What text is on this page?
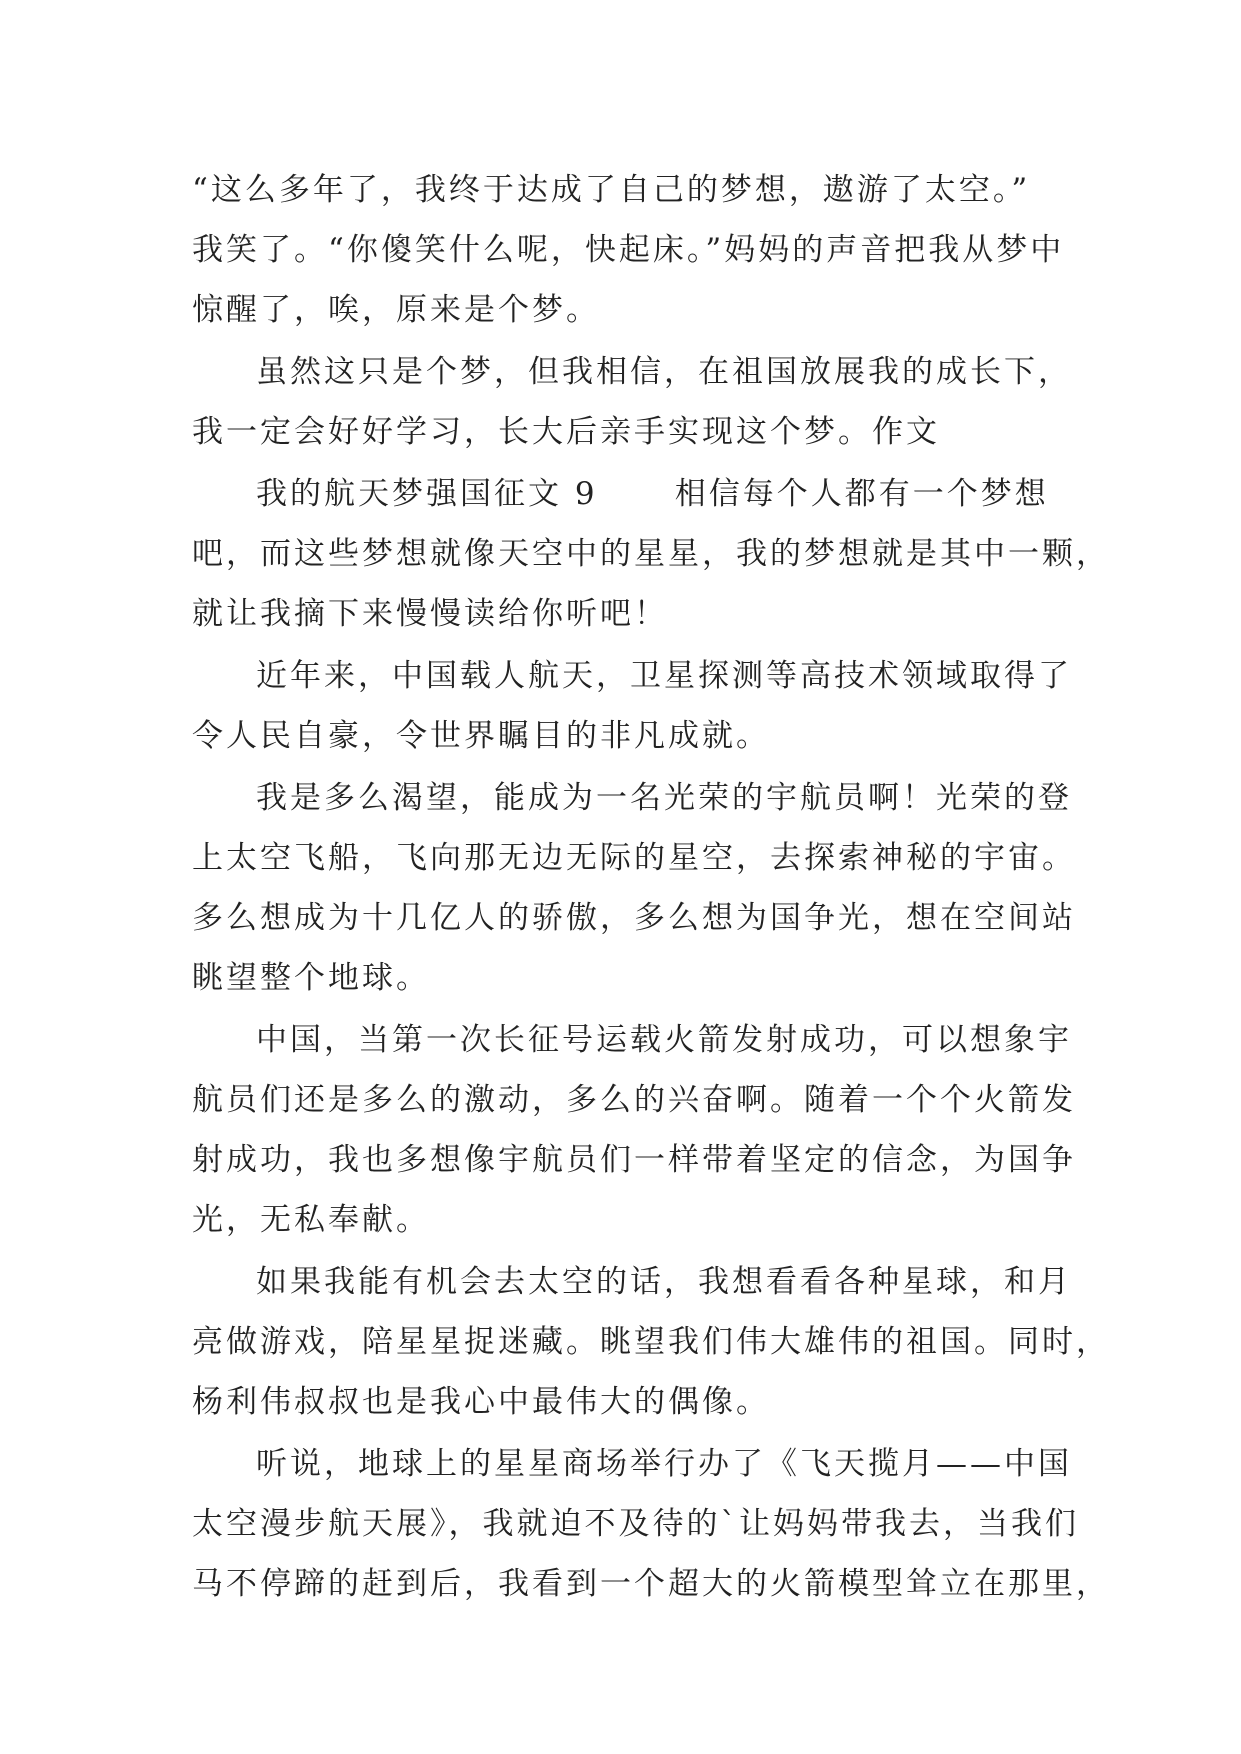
“这么多年了，我终于达成了自己的梦想，遨游了太空。”
我笑了。“你傻笑什么呢，快起床。”妈妈的声音把我从梦中
惊醒了，唉，原来是个梦。
虽然这只是个梦，但我相信，在祖国放展我的成长下，
我一定会好好学习，长大后亲手实现这个梦。作文
我的航天梦强国征文 9      相信每个人都有一个梦想
吧，而这些梦想就像天空中的星星，我的梦想就是其中一颗，
就让我摘下来慢慢读给你听吧！
近年来，中国载人航天，卫星探测等高技术领域取得了
令人民自豪，令世界瞩目的非凡成就。
我是多么渴望，能成为一名光荣的宇航员啊！光荣的登
上太空飞船，飞向那无边无际的星空，去探索神秘的宇宙。
多么想成为十几亿人的骄傲，多么想为国争光，想在空间站
眺望整个地球。
中国，当第一次长征号运载火箭发射成功，可以想象宇
航员们还是多么的激动，多么的兴奋啊。随着一个个火箭发
射成功，我也多想像宇航员们一样带着坚定的信念，为国争
光，无私奉献。
如果我能有机会去太空的话，我想看看各种星球，和月
亮做游戏，陪星星捉迷藏。眺望我们伟大雄伟的祖国。同时，
杨利伟叔叔也是我心中最伟大的偶像。
听说，地球上的星星商场举行办了《飞天揽月——中国
太空漫步航天展》，我就迫不及待的`让妈妈带我去，当我们
马不停蹄的赶到后，我看到一个超大的火箭模型耸立在那里，
